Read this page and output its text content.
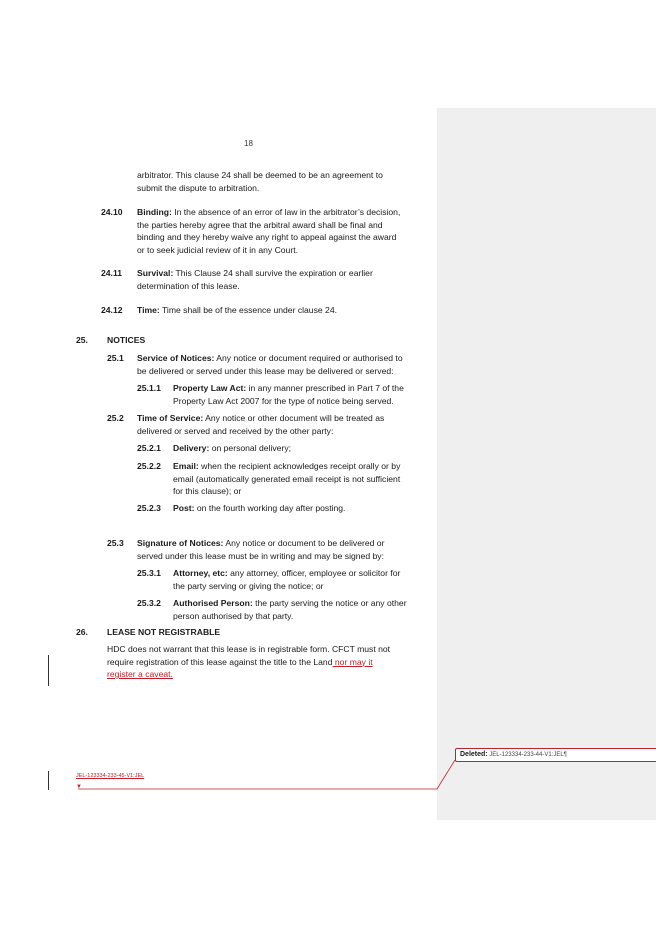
18
arbitrator. This clause 24 shall be deemed to be an agreement to
submit the dispute to arbitration.
24.10 Binding: In the absence of an error of law in the arbitrator’s decision,
the parties hereby agree that the arbitral award shall be final and
binding and they hereby waive any right to appeal against the award
or to seek judicial review of it in any Court.
24.11 Survival: This Clause 24 shall survive the expiration or earlier
determination of this lease.
24.12 Time: Time shall be of the essence under clause 24.
25. NOTICES
25.1 Service of Notices: Any notice or document required or authorised to
be delivered or served under this lease may be delivered or served:
25.1.1 Property Law Act: in any manner prescribed in Part 7 of the
Property Law Act 2007 for the type of notice being served.
25.2 Time of Service: Any notice or other document will be treated as
delivered or served and received by the other party:
25.2.1 Delivery: on personal delivery;
25.2.2 Email: when the recipient acknowledges receipt orally or by
email (automatically generated email receipt is not sufficient
for this clause); or
25.2.3 Post: on the fourth working day after posting.
25.3 Signature of Notices: Any notice or document to be delivered or
served under this lease must be in writing and may be signed by:
25.3.1 Attorney, etc: any attorney, officer, employee or solicitor for
the party serving or giving the notice; or
25.3.2 Authorised Person: the party serving the notice or any other
person authorised by that party.
26. LEASE NOT REGISTRABLE
HDC does not warrant that this lease is in registrable form. CFCT must not
require registration of this lease against the title to the Land nor may it
register a caveat.
JEL-123334-233-45-V1:JEL
▼
Deleted: JEL-123334-233-44-V1:JEL¶
